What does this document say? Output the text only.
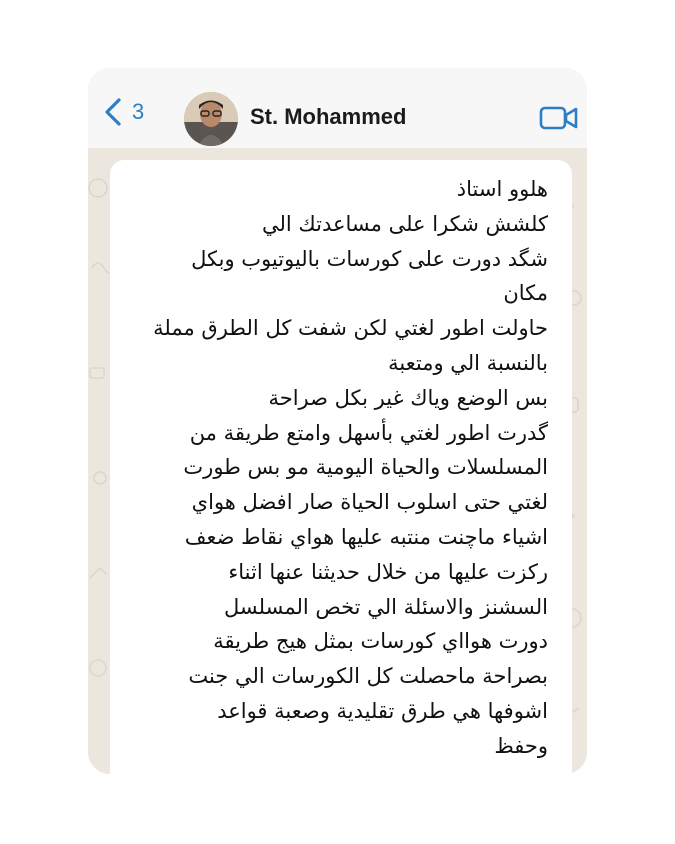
3	St. Mohammed
هلوو استاذ
كلشش شكرا على مساعدتك الي
شگد دورت على كورسات باليوتيوب وبكل
مكان
حاولت اطور لغتي لكن شفت كل الطرق مملة
بالنسبة الي ومتعبة
بس الوضع وياك غير بكل صراحة
گدرت اطور لغتي بأسهل وامتع طريقة من
المسلسلات والحياة اليومية مو بس طورت
لغتي حتى اسلوب الحياة صار افضل هواي
اشياء ماچنت منتبه عليها هواي نقاط ضعف
ركزت عليها من خلال حديثنا عنها اثناء
السشنز والاسئلة الي تخص المسلسل
دورت هوااي كورسات بمثل هيج طريقة
بصراحة ماحصلت كل الكورسات الي جنت
اشوفها هي طرق تقليدية وصعبة قواعد
وحفظ
